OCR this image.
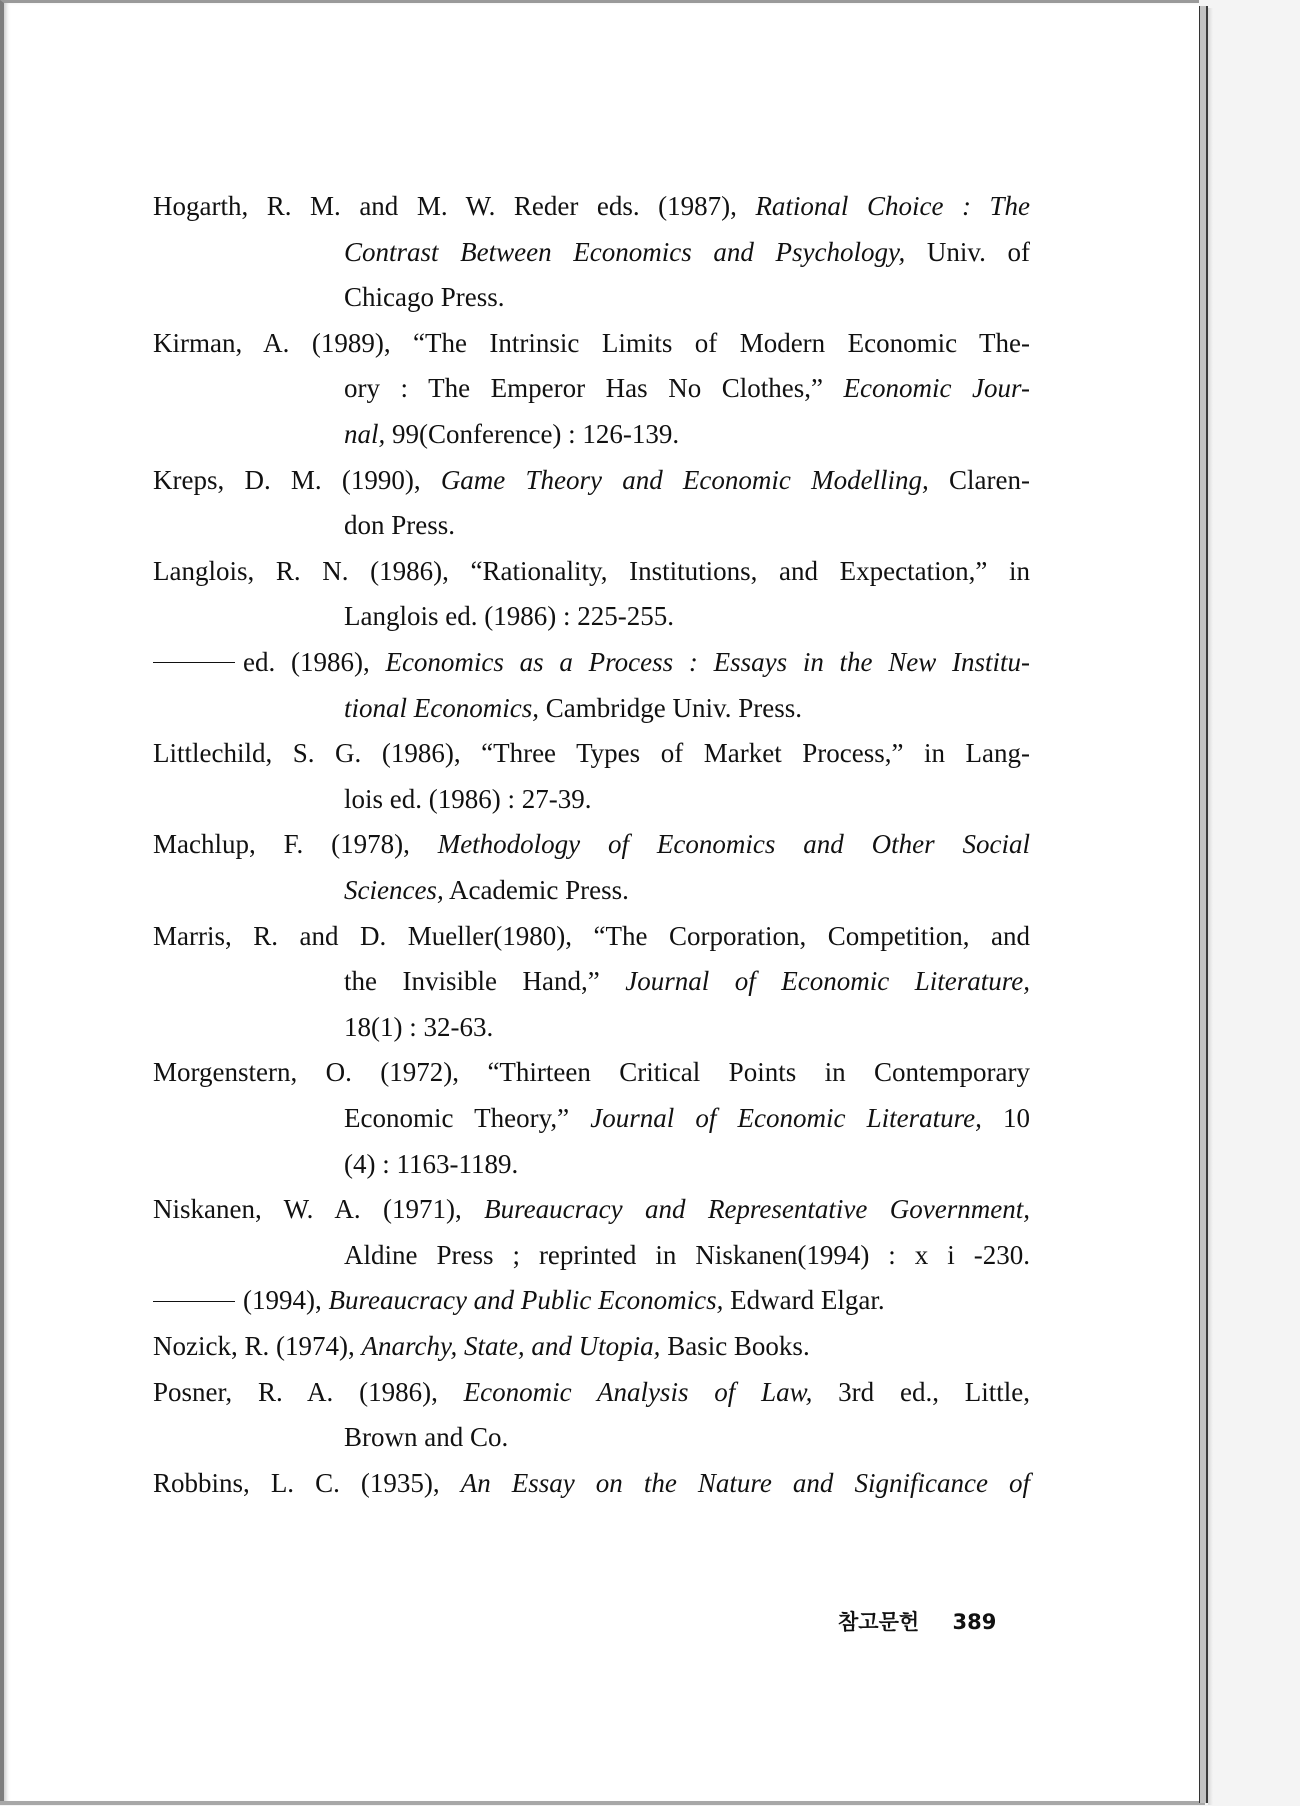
Hogarth, R. M. and M. W. Reder eds. (1987), Rational Choice : The
Contrast Between Economics and Psychology, Univ. of
Chicago Press.
Kirman, A. (1989), “The Intrinsic Limits of Modern Economic The-
ory : The Emperor Has No Clothes,” Economic Jour-
nal, 99(Conference) : 126-139.
Kreps, D. M. (1990), Game Theory and Economic Modelling, Claren-
don Press.
Langlois, R. N. (1986), “Rationality, Institutions, and Expectation,” in
Langlois ed. (1986) : 225-255.
ed. (1986), Economics as a Process : Essays in the New Institu-
tional Economics, Cambridge Univ. Press.
Littlechild, S. G. (1986), “Three Types of Market Process,” in Lang-
lois ed. (1986) : 27-39.
Machlup, F. (1978), Methodology of Economics and Other Social
Sciences, Academic Press.
Marris, R. and D. Mueller(1980), “The Corporation, Competition, and
the Invisible Hand,” Journal of Economic Literature,
18(1) : 32-63.
Morgenstern, O. (1972), “Thirteen Critical Points in Contemporary
Economic Theory,” Journal of Economic Literature, 10
(4) : 1163-1189.
Niskanen, W. A. (1971), Bureaucracy and Representative Government,
Aldine Press ; reprinted in Niskanen(1994) : x i -230.
(1994), Bureaucracy and Public Economics, Edward Elgar.
Nozick, R. (1974), Anarchy, State, and Utopia, Basic Books.
Posner, R. A. (1986), Economic Analysis of Law, 3rd ed., Little,
Brown and Co.
Robbins, L. C. (1935), An Essay on the Nature and Significance of
참고문헌 389
